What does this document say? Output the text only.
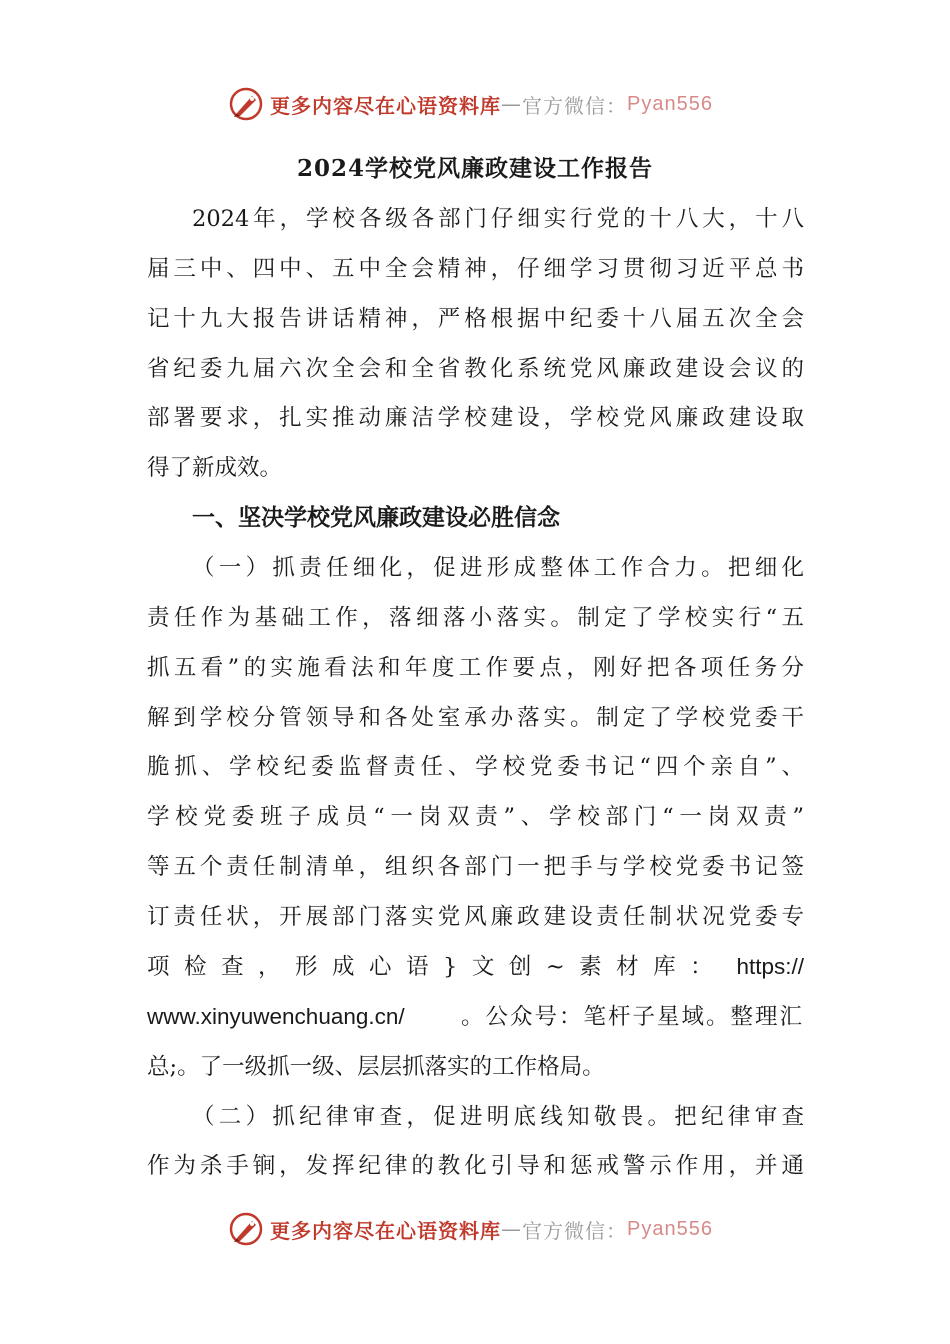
更多内容尽在心语资料库 — 官方微信： Pyan556
2024学校党风廉政建设工作报告
2024年，学校各级各部门仔细实行党的十八大，十八
届三中、四中、五中全会精神，仔细学习贯彻习近平总书
记十九大报告讲话精神，严格根据中纪委十八届五次全会
省纪委九届六次全会和全省教化系统党风廉政建设会议的
部署要求，扎实推动廉洁学校建设，学校党风廉政建设取
得了新成效。
一、坚决学校党风廉政建设必胜信念
（一）抓责任细化，促进形成整体工作合力。把细化
责任作为基础工作，落细落小落实。制定了学校实行“五
抓五看”的实施看法和年度工作要点，刚好把各项任务分
解到学校分管领导和各处室承办落实。制定了学校党委干
脆抓、学校纪委监督责任、学校党委书记“四个亲自”、
学校党委班子成员“一岗双责”、学校部门“一岗双责”
等五个责任制清单，组织各部门一把手与学校党委书记签
订责任状，开展部门落实党风廉政建设责任制状况党委专
项检查，形成心语}文创~素材库： https://
www.xinyuwenchuang.cn/	。公众号：笔杆子星域。整理汇
总;。了一级抓一级、层层抓落实的工作格局。
（二）抓纪律审查，促进明底线知敬畏。把纪律审查
作为杀手锏，发挥纪律的教化引导和惩戒警示作用，并通
更多内容尽在心语资料库 — 官方微信： Pyan556
